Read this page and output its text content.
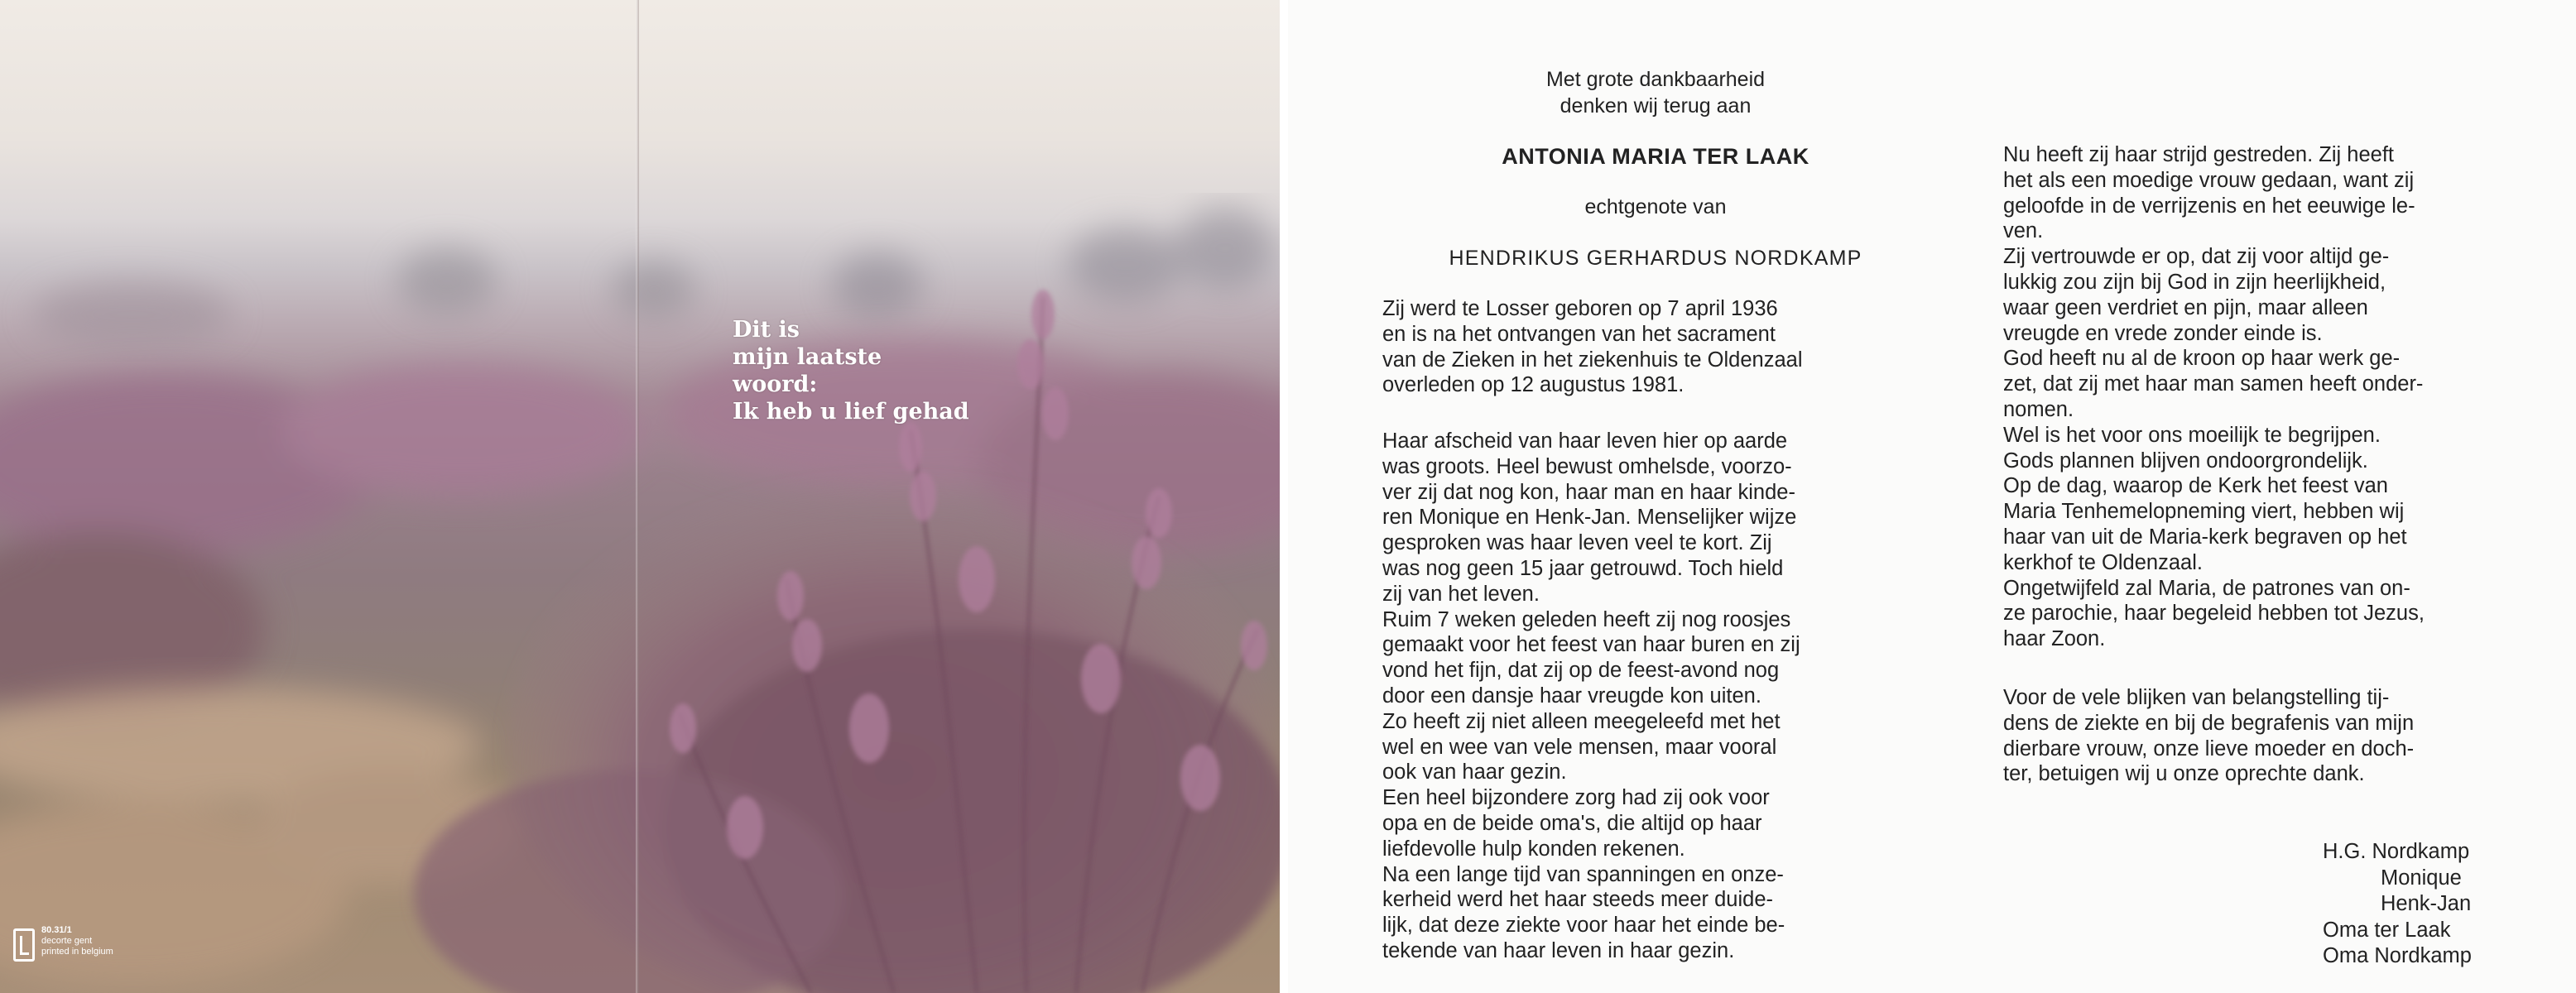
Dit is
mijn laatste
woord:
Ik heb u lief gehad
80.31/1
decorte gent
printed in belgium
Met grote dankbaarheid
denken wij terug aan
ANTONIA MARIA TER LAAK
echtgenote van
HENDRIKUS GERHARDUS NORDKAMP
Zij werd te Losser geboren op 7 april 1936
en is na het ontvangen van het sacrament
van de Zieken in het ziekenhuis te Oldenzaal
overleden op 12 augustus 1981.
Haar afscheid van haar leven hier op aarde
was groots. Heel bewust omhelsde, voorzo-
ver zij dat nog kon, haar man en haar kinde-
ren Monique en Henk-Jan. Menselijker wijze
gesproken was haar leven veel te kort. Zij
was nog geen 15 jaar getrouwd. Toch hield
zij van het leven.
Ruim 7 weken geleden heeft zij nog roosjes
gemaakt voor het feest van haar buren en zij
vond het fijn, dat zij op de feest-avond nog
door een dansje haar vreugde kon uiten.
Zo heeft zij niet alleen meegeleefd met het
wel en wee van vele mensen, maar vooral
ook van haar gezin.
Een heel bijzondere zorg had zij ook voor
opa en de beide oma's, die altijd op haar
liefdevolle hulp konden rekenen.
Na een lange tijd van spanningen en onze-
kerheid werd het haar steeds meer duide-
lijk, dat deze ziekte voor haar het einde be-
tekende van haar leven in haar gezin.
Nu heeft zij haar strijd gestreden. Zij heeft
het als een moedige vrouw gedaan, want zij
geloofde in de verrijzenis en het eeuwige le-
ven.
Zij vertrouwde er op, dat zij voor altijd ge-
lukkig zou zijn bij God in zijn heerlijkheid,
waar geen verdriet en pijn, maar alleen
vreugde en vrede zonder einde is.
God heeft nu al de kroon op haar werk ge-
zet, dat zij met haar man samen heeft onder-
nomen.
Wel is het voor ons moeilijk te begrijpen.
Gods plannen blijven ondoorgrondelijk.
Op de dag, waarop de Kerk het feest van
Maria Tenhemelopneming viert, hebben wij
haar van uit de Maria-kerk begraven op het
kerkhof te Oldenzaal.
Ongetwijfeld zal Maria, de patrones van on-
ze parochie, haar begeleid hebben tot Jezus,
haar Zoon.
Voor de vele blijken van belangstelling tij-
dens de ziekte en bij de begrafenis van mijn
dierbare vrouw, onze lieve moeder en doch-
ter, betuigen wij u onze oprechte dank.
H.G. Nordkamp
Monique
Henk-Jan
Oma ter Laak
Oma Nordkamp
